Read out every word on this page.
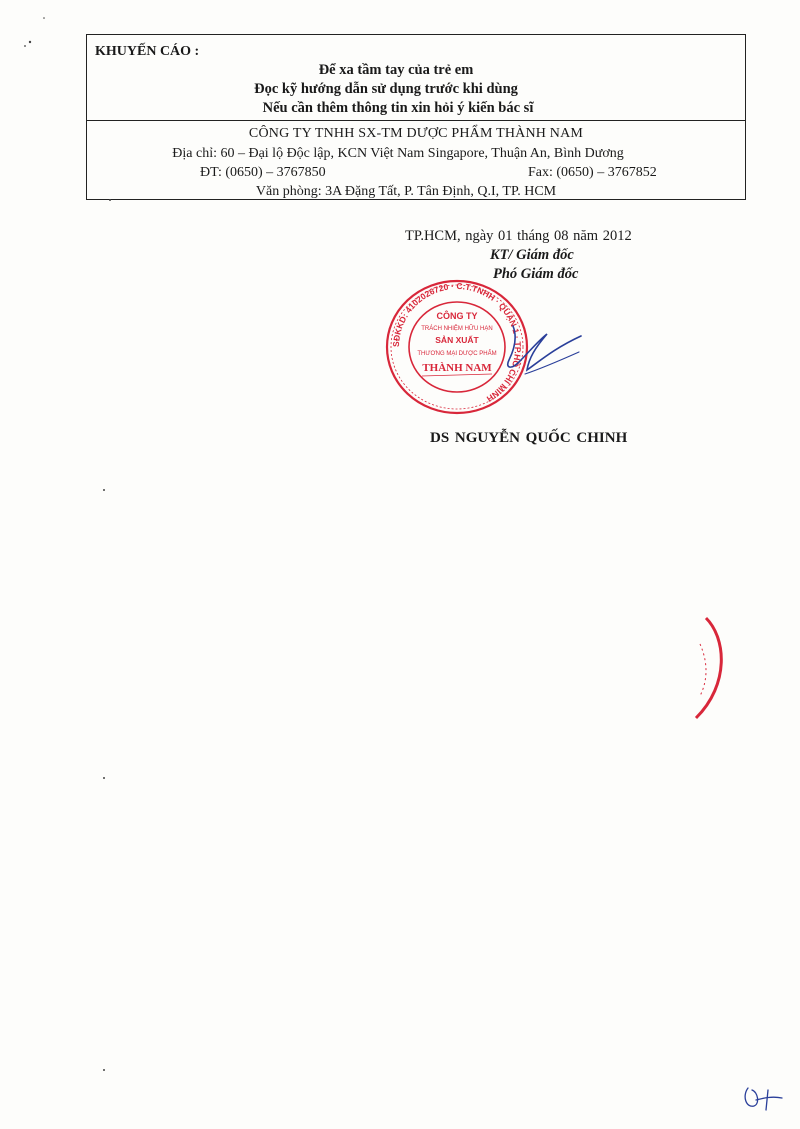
KHUYẾN CÁO :
Để xa tầm tay của trẻ em
Đọc kỹ hướng dẫn sử dụng trước khi dùng
Nếu cần thêm thông tin xin hỏi ý kiến bác sĩ
CÔNG TY TNHH SX-TM DƯỢC PHẨM THÀNH NAM
Địa chỉ: 60 – Đại lộ Độc lập, KCN Việt Nam Singapore, Thuận An, Bình Dương
ĐT: (0650) – 3767850	Fax: (0650) – 3767852
Văn phòng: 3A Đặng Tất, P. Tân Định, Q.I, TP. HCM
TP.HCM, ngày 01 tháng 08 năm 2012
KT/ Giám đốc
Phó Giám đốc
SĐKKD: 4102026720 · C.T.TNHH · QUẬN 1 · TP.HỒ CHÍ MINH
CÔNG TY
TRÁCH NHIỆM HỮU HẠN
SẢN XUẤT
THƯƠNG MẠI DƯỢC PHẨM
THÀNH NAM
DS NGUYỄN QUỐC CHINH
